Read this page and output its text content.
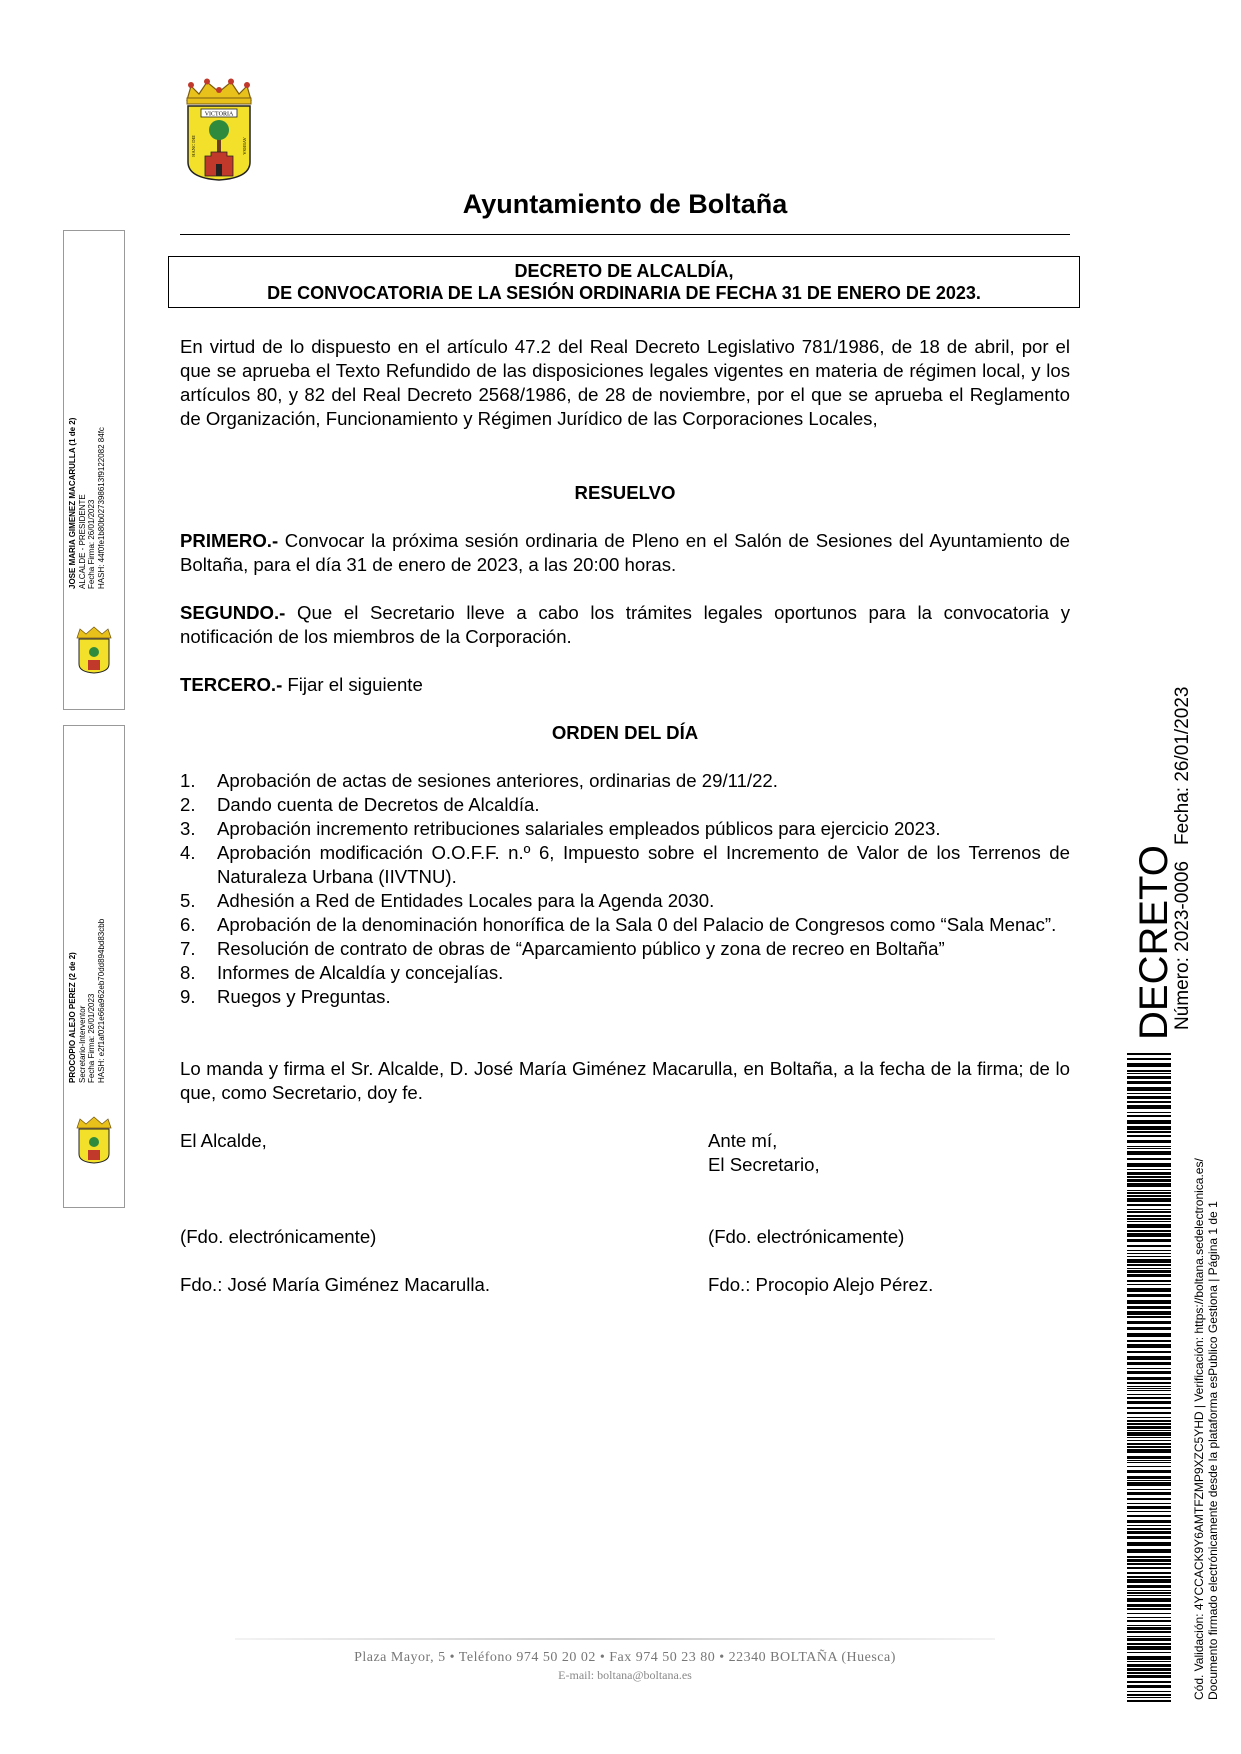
VICTORIA
HANC DEI	AVERSA
Ayuntamiento de Boltaña
DECRETO DE ALCALDÍA,
DE CONVOCATORIA DE LA SESIÓN ORDINARIA DE FECHA 31 DE ENERO DE 2023.
En virtud de lo dispuesto en el artículo 47.2 del Real Decreto Legislativo 781/1986, de 18 de abril, por el que se aprueba el Texto Refundido de las disposiciones legales vigentes en materia de régimen local, y los artículos 80, y 82 del Real Decreto 2568/1986, de 28 de noviembre, por el que se aprueba el Reglamento de Organización, Funcionamiento y Régimen Jurídico de las Corporaciones Locales,
RESUELVO
PRIMERO.- Convocar la próxima sesión ordinaria de Pleno en el Salón de Sesiones del Ayuntamiento de Boltaña, para el día 31 de enero de 2023, a las 20:00 horas.
SEGUNDO.- Que el Secretario lleve a cabo los trámites legales oportunos para la convocatoria y notificación de los miembros de la Corporación.
TERCERO.- Fijar el siguiente
ORDEN DEL DÍA
1. Aprobación de actas de sesiones anteriores, ordinarias de 29/11/22.
2. Dando cuenta de Decretos de Alcaldía.
3. Aprobación incremento retribuciones salariales empleados públicos para ejercicio 2023.
4. Aprobación modificación O.O.F.F. n.º 6, Impuesto sobre el Incremento de Valor de los Terrenos de Naturaleza Urbana (IIVTNU).
5. Adhesión a Red de Entidades Locales para la Agenda 2030.
6. Aprobación de la denominación honorífica de la Sala 0 del Palacio de Congresos como “Sala Menac”.
7. Resolución de contrato de obras de “Aparcamiento público y zona de recreo en Boltaña”
8. Informes de Alcaldía y concejalías.
9. Ruegos y Preguntas.
Lo manda y firma el Sr. Alcalde, D. José María Giménez Macarulla, en Boltaña, a la fecha de la firma; de lo que, como Secretario, doy fe.
El Alcalde,	Ante mí,
El Secretario,
(Fdo. electrónicamente)	(Fdo. electrónicamente)
Fdo.: José María Giménez Macarulla.	Fdo.: Procopio Alejo Pérez.
JOSE MARIA GIMENEZ MACARULLA (1 de 2) ALCALDE - PRESIDENTE Fecha Firma: 26/01/2023 HASH: 44f0fe1b80b027398613f9122082 84fc
PROCOPIO ALEJO PEREZ (2 de 2) Secretario-Interventor Fecha Firma: 26/01/2023 HASH: e2f1af021e66a962eb70dd894bd83cbb	DECRETO
Número: 2023-0006
Fecha: 26/01/2023
Cód. Validación: 4YCCACK9Y6AMTFZMP9XZC5YHD | Verificación: https://boltana.sedelectronica.es/ Documento firmado electrónicamente desde la plataforma esPublico Gestiona | Página 1 de 1
Plaza Mayor, 5 • Teléfono 974 50 20 02 • Fax 974 50 23 80 • 22340 BOLTAÑA (Huesca)
E-mail: boltana@boltana.es
